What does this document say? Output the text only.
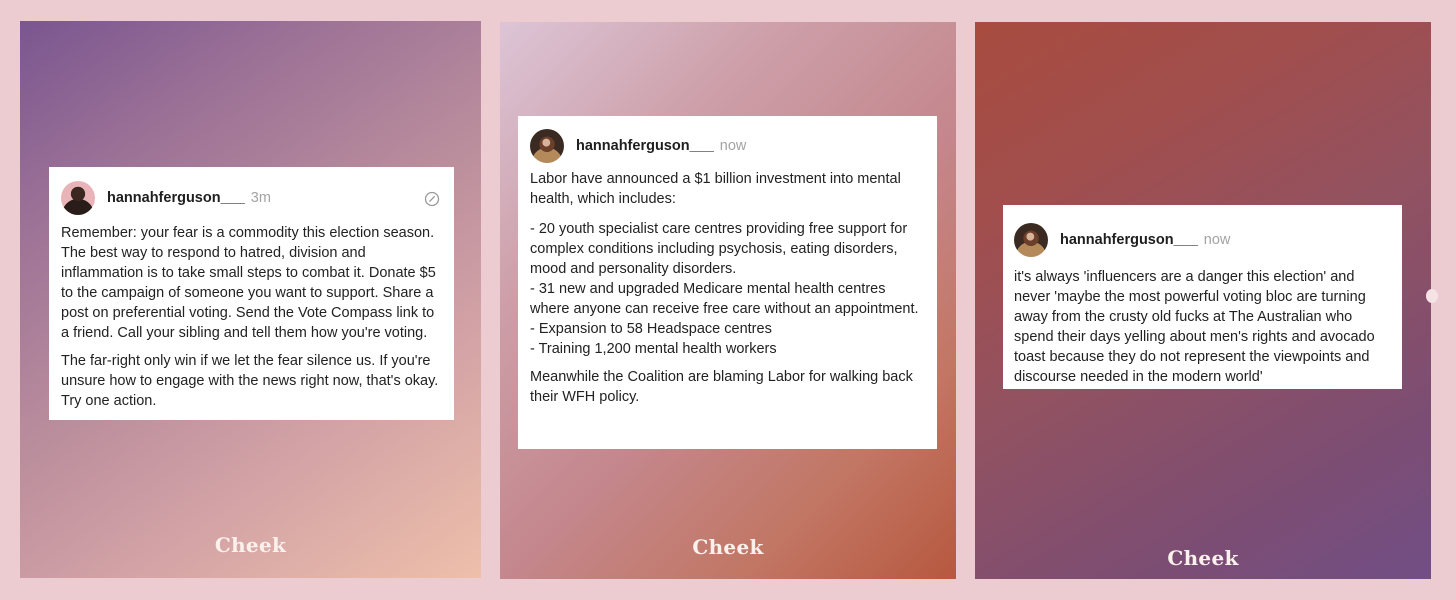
hannahferguson___ 3m

Remember: your fear is a commodity this election season. The best way to respond to hatred, division and inflammation is to take small steps to combat it. Donate $5 to the campaign of someone you want to support. Share a post on preferential voting. Send the Vote Compass link to a friend. Call your sibling and tell them how you're voting.

The far-right only win if we let the fear silence us. If you're unsure how to engage with the news right now, that's okay. Try one action.

Cheek
hannahferguson___ now

Labor have announced a $1 billion investment into mental health, which includes:

- 20 youth specialist care centres providing free support for complex conditions including psychosis, eating disorders, mood and personality disorders.
- 31 new and upgraded Medicare mental health centres where anyone can receive free care without an appointment.
- Expansion to 58 Headspace centres
- Training 1,200 mental health workers

Meanwhile the Coalition are blaming Labor for walking back their WFH policy.

Cheek
hannahferguson___ now

it's always 'influencers are a danger this election' and never 'maybe the most powerful voting bloc are turning away from the crusty old fucks at The Australian who spend their days yelling about men's rights and avocado toast because they do not represent the viewpoints and discourse needed in the modern world'

Cheek
